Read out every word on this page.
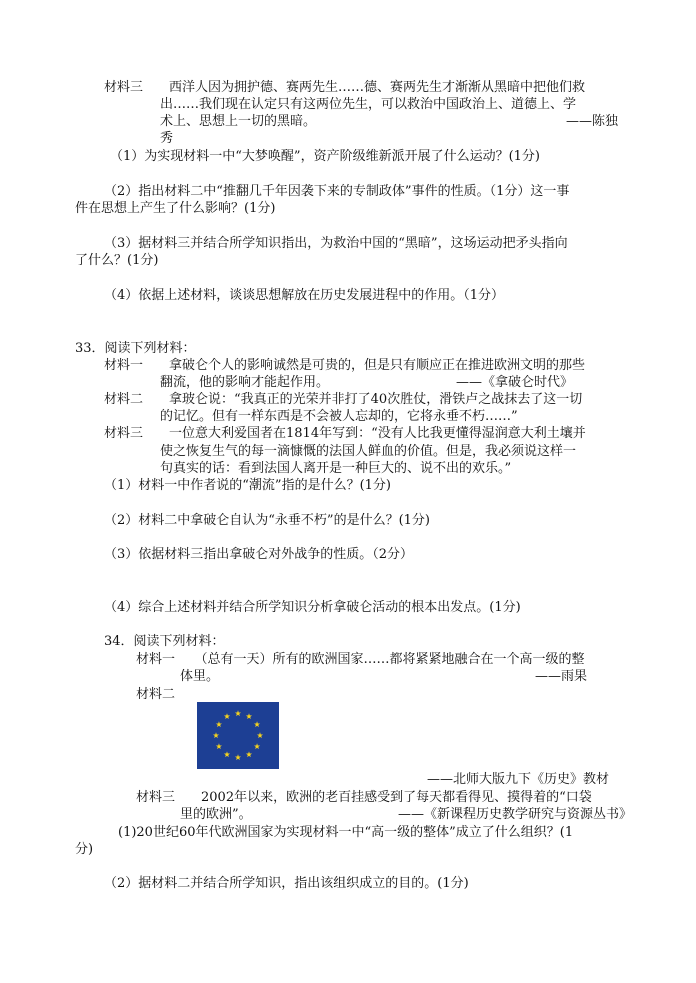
材料三　　西洋人因为拥护德、赛两先生……德、赛两先生才渐渐从黑暗中把他们救
出……我们现在认定只有这两位先生，可以救治中国政治上、道德上、学
术上、思想上一切的黑暗。	——陈独
秀
（1）为实现材料一中“大梦唤醒”，资产阶级维新派开展了什么运动？(1分)
（2）指出材料二中“推翻几千年因袭下来的专制政体”事件的性质。（1分）这一事
件在思想上产生了什么影响？(1分)
（3）据材料三并结合所学知识指出，为救治中国的“黑暗”，这场运动把矛头指向
了什么？(1分)
（4）依据上述材料，谈谈思想解放在历史发展进程中的作用。（1分）
33．阅读下列材料：
材料一　　拿破仑个人的影响诚然是可贵的，但是只有顺应正在推进欧洲文明的那些
翻流，他的影响才能起作用。	——《拿破仑时代》
材料二　　拿玻仑说：“我真正的光荣并非打了40次胜仗，滑铁卢之战抹去了这一切
的记忆。但有一样东西是不会被人忘却的，它将永垂不朽……”
材料三　　一位意大利爱国者在1814年写到：“没有人比我更懂得湿润意大利土壤并
使之恢复生气的每一滴慷慨的法国人鲜血的价值。但是，我必须说这样一
句真实的话：看到法国人离开是一种巨大的、说不出的欢乐。”
（1）材料一中作者说的“潮流”指的是什么？(1分)
（2）材料二中拿破仑自认为“永垂不朽”的是什么？(1分)
（3）依据材料三指出拿破仑对外战争的性质。（2分）
（4）综合上述材料并结合所学知识分析拿破仑活动的根本出发点。(1分)
34．阅读下列材料：
材料一　　（总有一天）所有的欧洲国家……都将紧紧地融合在一个高一级的整
体里。	——雨果
材料二
——北师大版九下《历史》教材
材料三　　2002年以来，欧洲的老百挂感受到了每天都看得见、摸得着的“口袋
里的欧洲”。	——《新课程历史教学研究与资源丛书》
(1)20世纪60年代欧洲国家为实现材料一中“高一级的整体”成立了什么组织？(1
分)
（2）据材料二并结合所学知识，指出该组织成立的目的。(1分)
